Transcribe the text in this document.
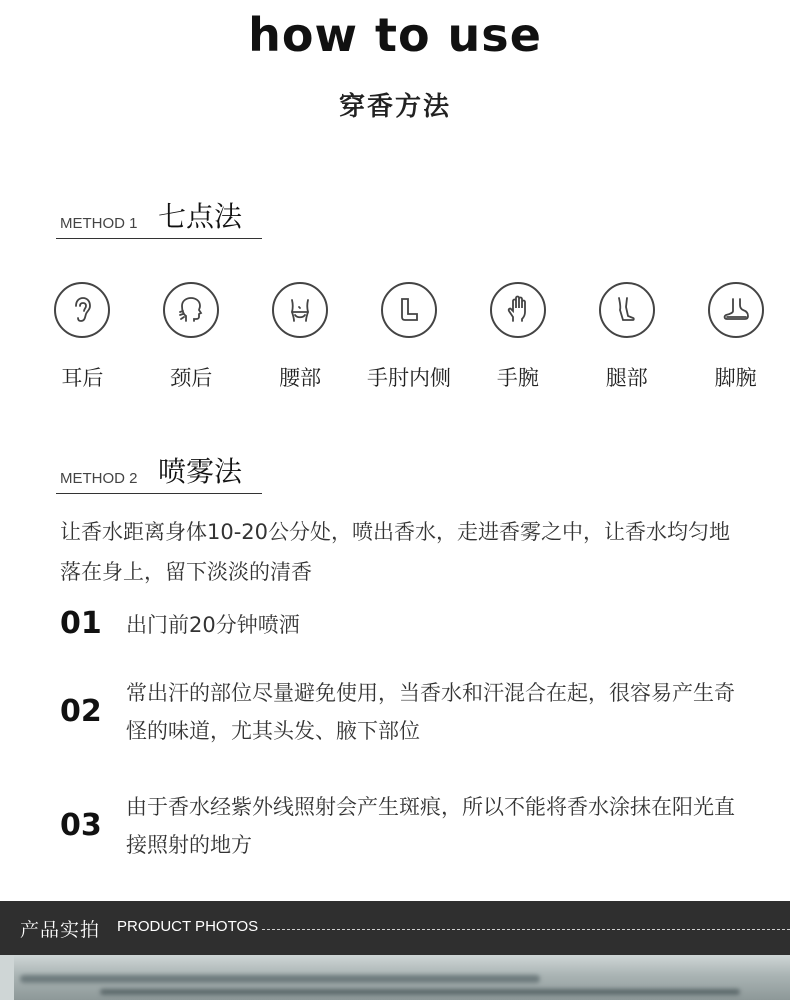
how to use
穿香方法
METHOD 1 七点法
耳后	颈后	腰部 手肘内侧 手腕	腿部	脚腕
METHOD 2 喷雾法
让香水距离身体10-20公分处，喷出香水，走进香雾之中，让香水均匀地落在身上，留下淡淡的清香
01 出门前20分钟喷洒
02
常出汗的部位尽量避免使用，当香水和汗混合在起，很容易产生奇怪的味道，尤其头发、腋下部位
03
由于香水经紫外线照射会产生斑痕，所以不能将香水涂抹在阳光直接照射的地方
产品实拍 PRODUCT PHOTOS
